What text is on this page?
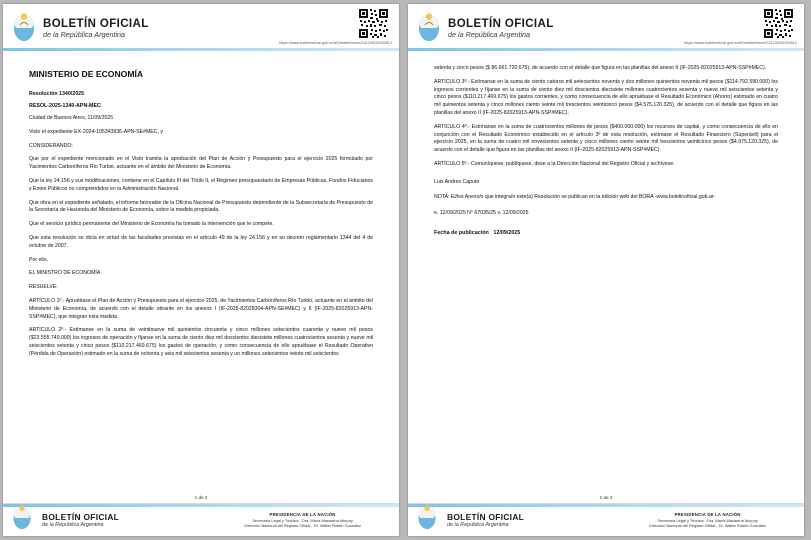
BOLETÍN OFICIAL
de la República Argentina
https://www.boletinoficial.gob.ar/#!DetalleNorma/331230/20250912
MINISTERIO DE ECONOMÍA
Resolución 1340/2025
RESOL-2025-1340-APN-MEC

Ciudad de Buenos Aires, 11/09/2025

Visto el expediente EX-2024-105343936-APN-SE#MEC, y

CONSIDERANDO:

Que por el expediente mencionado en el Visto tramita la aprobación del Plan de Acción y Presupuesto para el ejercicio 2025 formulado por Yacimientos Carboníferos Río Turbio, actuante en el ámbito del Ministerio de Economía.

Que la ley 24.156 y sus modificaciones, contiene en el Capítulo III del Título II, el Régimen presupuestario de Empresas Públicas, Fondos Fiduciarios y Entes Públicos no comprendidos en la Administración Nacional.

Que obra en el expediente señalado, el informe favorable de la Oficina Nacional de Presupuesto dependiente de la Subsecretaría de Presupuesto de la Secretaría de Hacienda del Ministerio de Economía, sobre la medida propiciada.

Que el servicio jurídico permanente del Ministerio de Economía ha tomado la intervención que le compete.

Que esta resolución se dicta en virtud de las facultades previstas en el artículo 49 de la ley 24.156 y en su decreto reglamentario 1344 del 4 de octubre de 2007.

Por ello,

EL MINISTRO DE ECONOMÍA

RESUELVE:

ARTÍCULO 1º.- Apruébase el Plan de Acción y Presupuesto para el ejercicio 2025, de Yacimientos Carboníferos Río Turbio, actuante en el ámbito del Ministerio de Economía, de acuerdo con el detalle obrante en los anexos I (IF-2025-82028304-APN-SE#MEC) y II (IF-2025-82025913-APN-SSP#MEC), que integran esta medida.

ARTÍCULO 2º.- Estímanse en la suma de veintinueve mil quinientos cincuenta y cinco millones setecientos cuarenta y nueve mil pesos ($23.555.749.000) los ingresos de operación y fíjanse en la suma de ciento diez mil doscientos diecisiete millones cuatrocientos sesenta y nueve mil seiscientos setenta y cinco pesos ($110.217.469.675) los gastos de operación, y como consecuencia de ello apruébase el Resultado Operativo (Pérdida de Operación) estimado en la suma de ochenta y seis mil seiscientos sesenta y un millones setecientos veinte mil seiscientos

1 de 2
BOLETÍN OFICIAL
de la República Argentina
PRESIDENCIA DE LA NACIÓN
Secretaría Legal y Técnica - Dra. María Macarena Murphy
Dirección Nacional del Registro Oficial - Dr. Walter Rubén González
BOLETÍN OFICIAL
de la República Argentina
https://www.boletinoficial.gob.ar/#!DetalleNorma/331230/20250912

setenta y cinco pesos ($ 86.661.720.675), de acuerdo con el detalle que figura en las planillas del anexo II (IF-2025-82025913-APN-SSP#MEC).

ARTÍCULO 3º.- Estímanse en la suma de ciento catorce mil setecientos noventa y dos millones quinientos noventa mil pesos ($114.792.590.000) los ingresos corrientes y fíjanse en la suma de ciento diez mil doscientos diecisiete millones cuatrocientos sesenta y nueve mil seiscientos setenta y cinco pesos ($110.217.469.675) los gastos corrientes, y como consecuencia de ello apruébase el Resultado Económico (Ahorro) estimado en cuatro mil quinientos setenta y cinco millones ciento veinte mil trescientos veinticinco pesos ($4.575.120.325), de acuerdo con el detalle que figura en las planillas del anexo II (IF-2025-82025913-APN-SSP#MEC).

ARTÍCULO 4º.- Estímanse en la suma de cuatrocientos millones de pesos ($400.000.000) los recursos de capital, y como consecuencia de ello en conjunción con el Resultado Económico establecido en el artículo 3º de esta resolución, estímase el Resultado Financiero (Superávit) para el ejercicio 2025, en la suma de cuatro mil novecientos setenta y cinco millones ciento veinte mil trescientos veinticinco pesos ($4.975.120.325), de acuerdo con el detalle que figura en las planillas del anexo II (IF-2025-82025913-APN-SSP#MEC).

ARTÍCULO 5º.- Comuníquese, publíquese, dese a la Dirección Nacional del Registro Oficial y archívese.

Luis Andres Caputo
NOTA: El/los Anexo/s que integra/n este(a) Resolución se publican en la edición web del BORA -www.boletinoficial.gob.ar-
e. 12/09/2025 N° 67035/25 v. 12/09/2025
Fecha de publicación 12/09/2025
2 de 2
BOLETÍN OFICIAL
de la República Argentina
PRESIDENCIA DE LA NACIÓN
Secretaría Legal y Técnica - Dra. María Macarena Murphy
Dirección Nacional del Registro Oficial - Dr. Walter Rubén González
